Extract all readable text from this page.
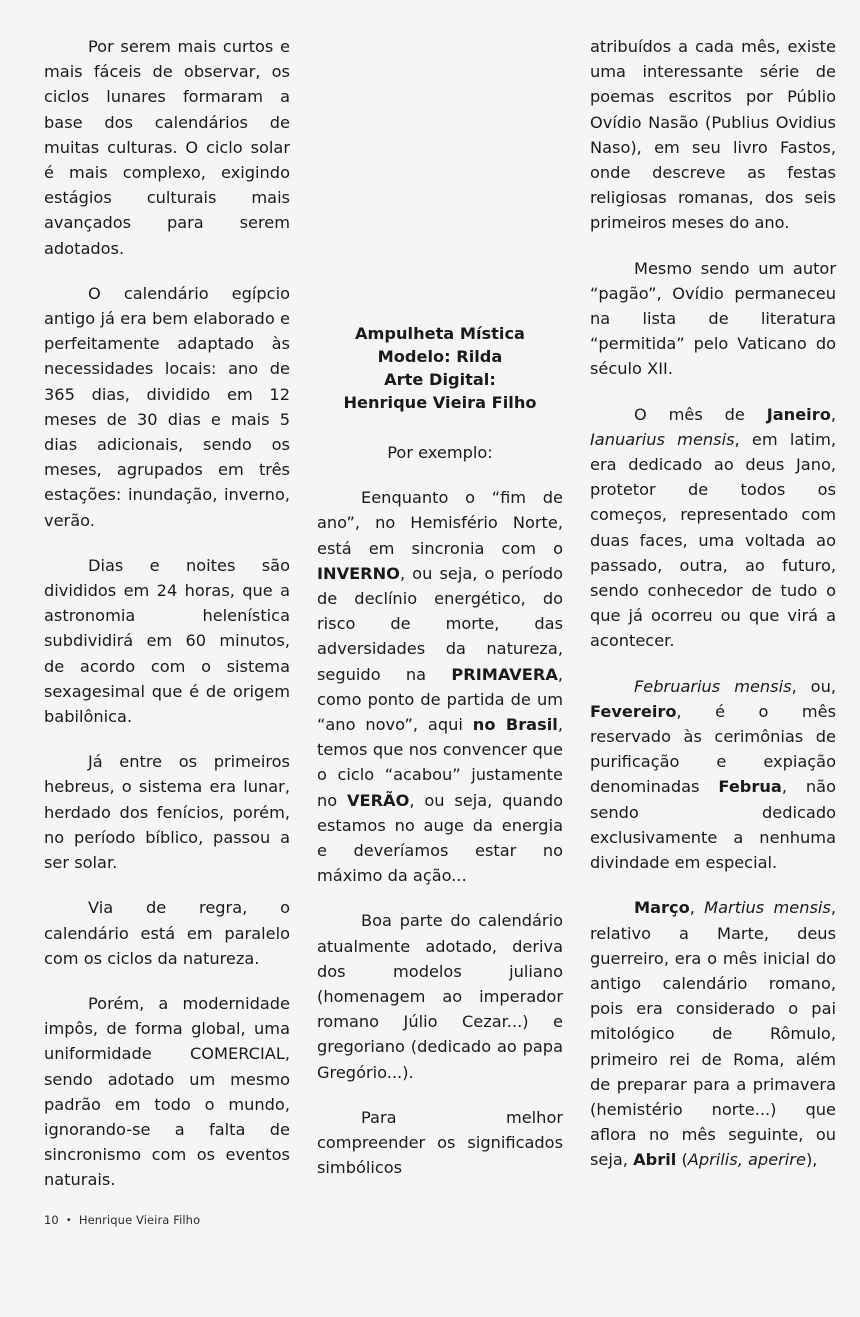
Por serem mais curtos e mais fáceis de observar, os ciclos lunares formaram a base dos calendários de muitas culturas. O ciclo solar é mais complexo, exigindo estágios culturais mais avançados para serem adotados.

O calendário egípcio antigo já era bem elaborado e perfeitamente adaptado às necessidades locais: ano de 365 dias, dividido em 12 meses de 30 dias e mais 5 dias adicionais, sendo os meses, agrupados em três estações: inundação, inverno, verão.

Dias e noites são divididos em 24 horas, que a astronomia helenística subdividirá em 60 minutos, de acordo com o sistema sexagesimal que é de origem babilônica.

Já entre os primeiros hebreus, o sistema era lunar, herdado dos fenícios, porém, no período bíblico, passou a ser solar.

Via de regra, o calendário está em paralelo com os ciclos da natureza.

Porém, a modernidade impôs, de forma global, uma uniformidade COMERCIAL, sendo adotado um mesmo padrão em todo o mundo, ignorando-se a falta de sincronismo com os eventos naturais.

Ampulheta Mística
Modelo: Rilda
Arte Digital:
Henrique Vieira Filho

Por exemplo:

Eenquanto o “fim de ano”, no Hemisfério Norte, está em sincronia com o INVERNO, ou seja, o período de declínio energético, do risco de morte, das adversidades da natureza, seguido na PRIMAVERA, como ponto de partida de um “ano novo”, aqui no Brasil, temos que nos convencer que o ciclo “acabou” justamente no VERÃO, ou seja, quando estamos no auge da energia e deveríamos estar no máximo da ação...

Boa parte do calendário atualmente adotado, deriva dos modelos juliano (homenagem ao imperador romano Júlio Cezar...) e gregoriano (dedicado ao papa Gregório...).

Para melhor compreender os significados simbólicos

atribuídos a cada mês, existe uma interessante série de poemas escritos por Públio Ovídio Nasão (Publius Ovidius Naso), em seu livro Fastos, onde descreve as festas religiosas romanas, dos seis primeiros meses do ano.

Mesmo sendo um autor “pagão”, Ovídio permaneceu na lista de literatura “permitida” pelo Vaticano do século XII.

O mês de Janeiro, Ianuarius mensis, em latim, era dedicado ao deus Jano, protetor de todos os começos, representado com duas faces, uma voltada ao passado, outra, ao futuro, sendo conhecedor de tudo o que já ocorreu ou que virá a acontecer.

Februarius mensis, ou, Fevereiro, é o mês reservado às cerimônias de purificação e expiação denominadas Februa, não sendo dedicado exclusivamente a nenhuma divindade em especial.

Março, Martius mensis, relativo a Marte, deus guerreiro, era o mês inicial do antigo calendário romano, pois era considerado o pai mitológico de Rômulo, primeiro rei de Roma, além de preparar para a primavera (hemistério norte...) que aflora no mês seguinte, ou seja, Abril (Aprilis, aperire),

10 • Henrique Vieira Filho
